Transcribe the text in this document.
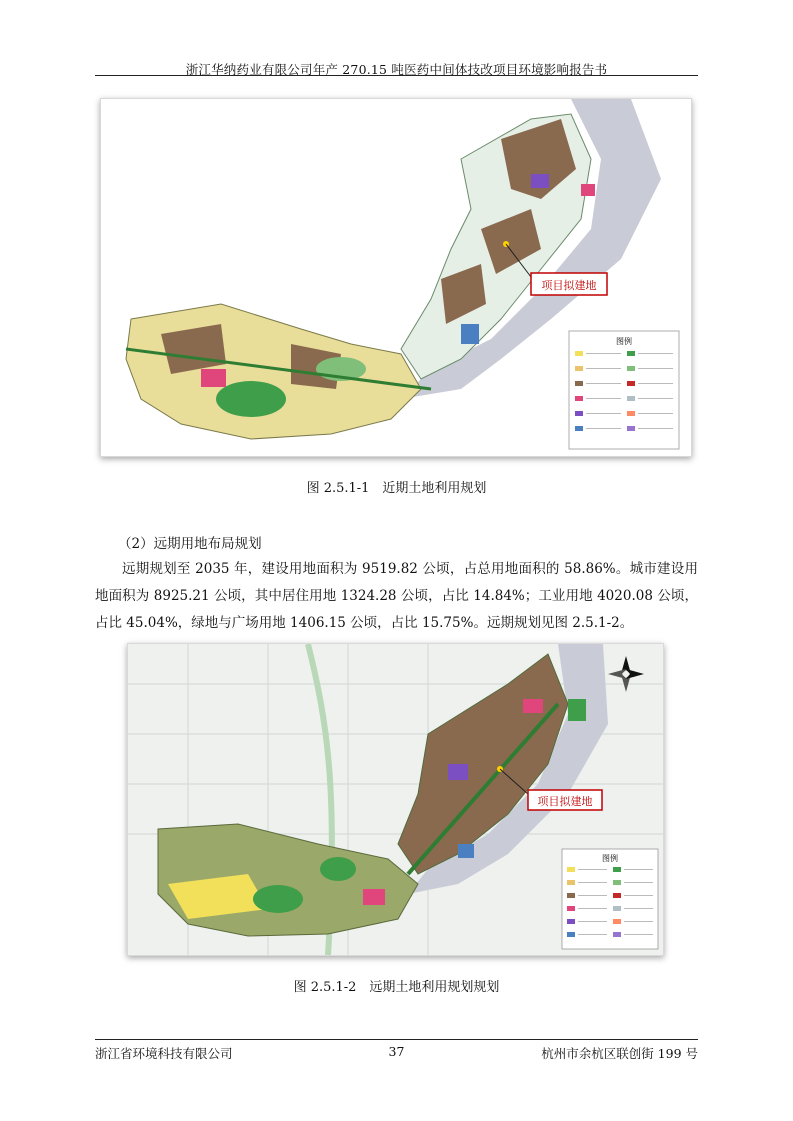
浙江华纳药业有限公司年产 270.15 吨医药中间体技改项目环境影响报告书
项目拟建地
图例
图 2.5.1-1　近期土地利用规划
（2）远期用地布局规划
远期规划至 2035 年，建设用地面积为 9519.82 公顷，占总用地面积的 58.86%。城市建设用地面积为 8925.21 公顷，其中居住用地 1324.28 公顷，占比 14.84%；工业用地 4020.08 公顷，占比 45.04%，绿地与广场用地 1406.15 公顷，占比 15.75%。远期规划见图 2.5.1-2。
项目拟建地
图例
图 2.5.1-2　远期土地利用规划规划
浙江省环境科技有限公司	37	杭州市余杭区联创街 199 号
